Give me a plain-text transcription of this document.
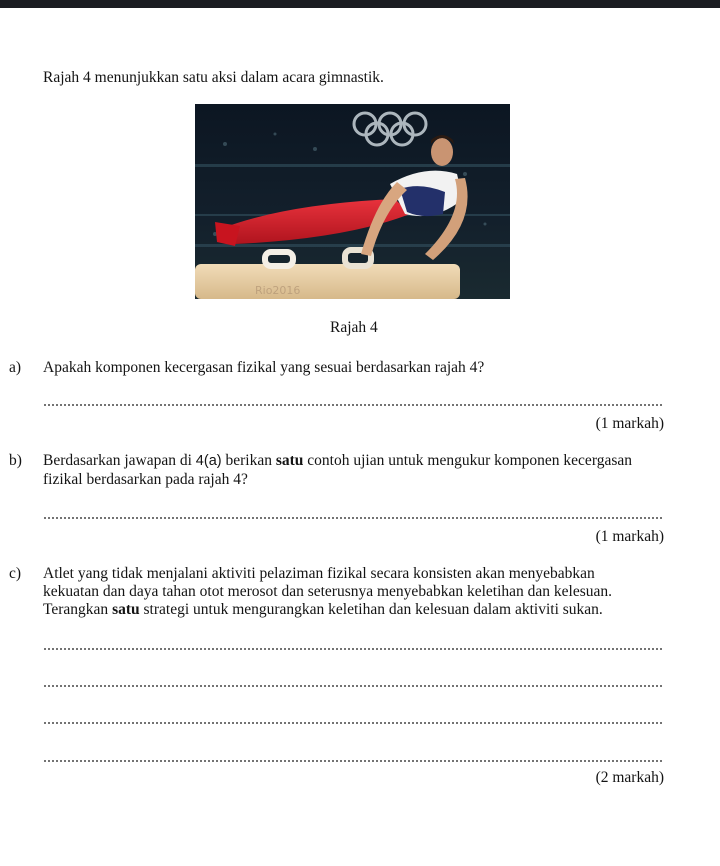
Rajah 4 menunjukkan satu aksi dalam acara gimnastik.
Rio2016
Rajah 4
a) Apakah komponen kecergasan fizikal yang sesuai berdasarkan rajah 4?
(1 markah)
b) Berdasarkan jawapan di 4(a) berikan satu contoh ujian untuk mengukur komponen kecergasan
fizikal berdasarkan pada rajah 4?
(1 markah)
c) Atlet yang tidak menjalani aktiviti pelaziman fizikal secara konsisten akan menyebabkan
kekuatan dan daya tahan otot merosot dan seterusnya menyebabkan keletihan dan kelesuan.
Terangkan satu strategi untuk mengurangkan keletihan dan kelesuan dalam aktiviti sukan.
(2 markah)
